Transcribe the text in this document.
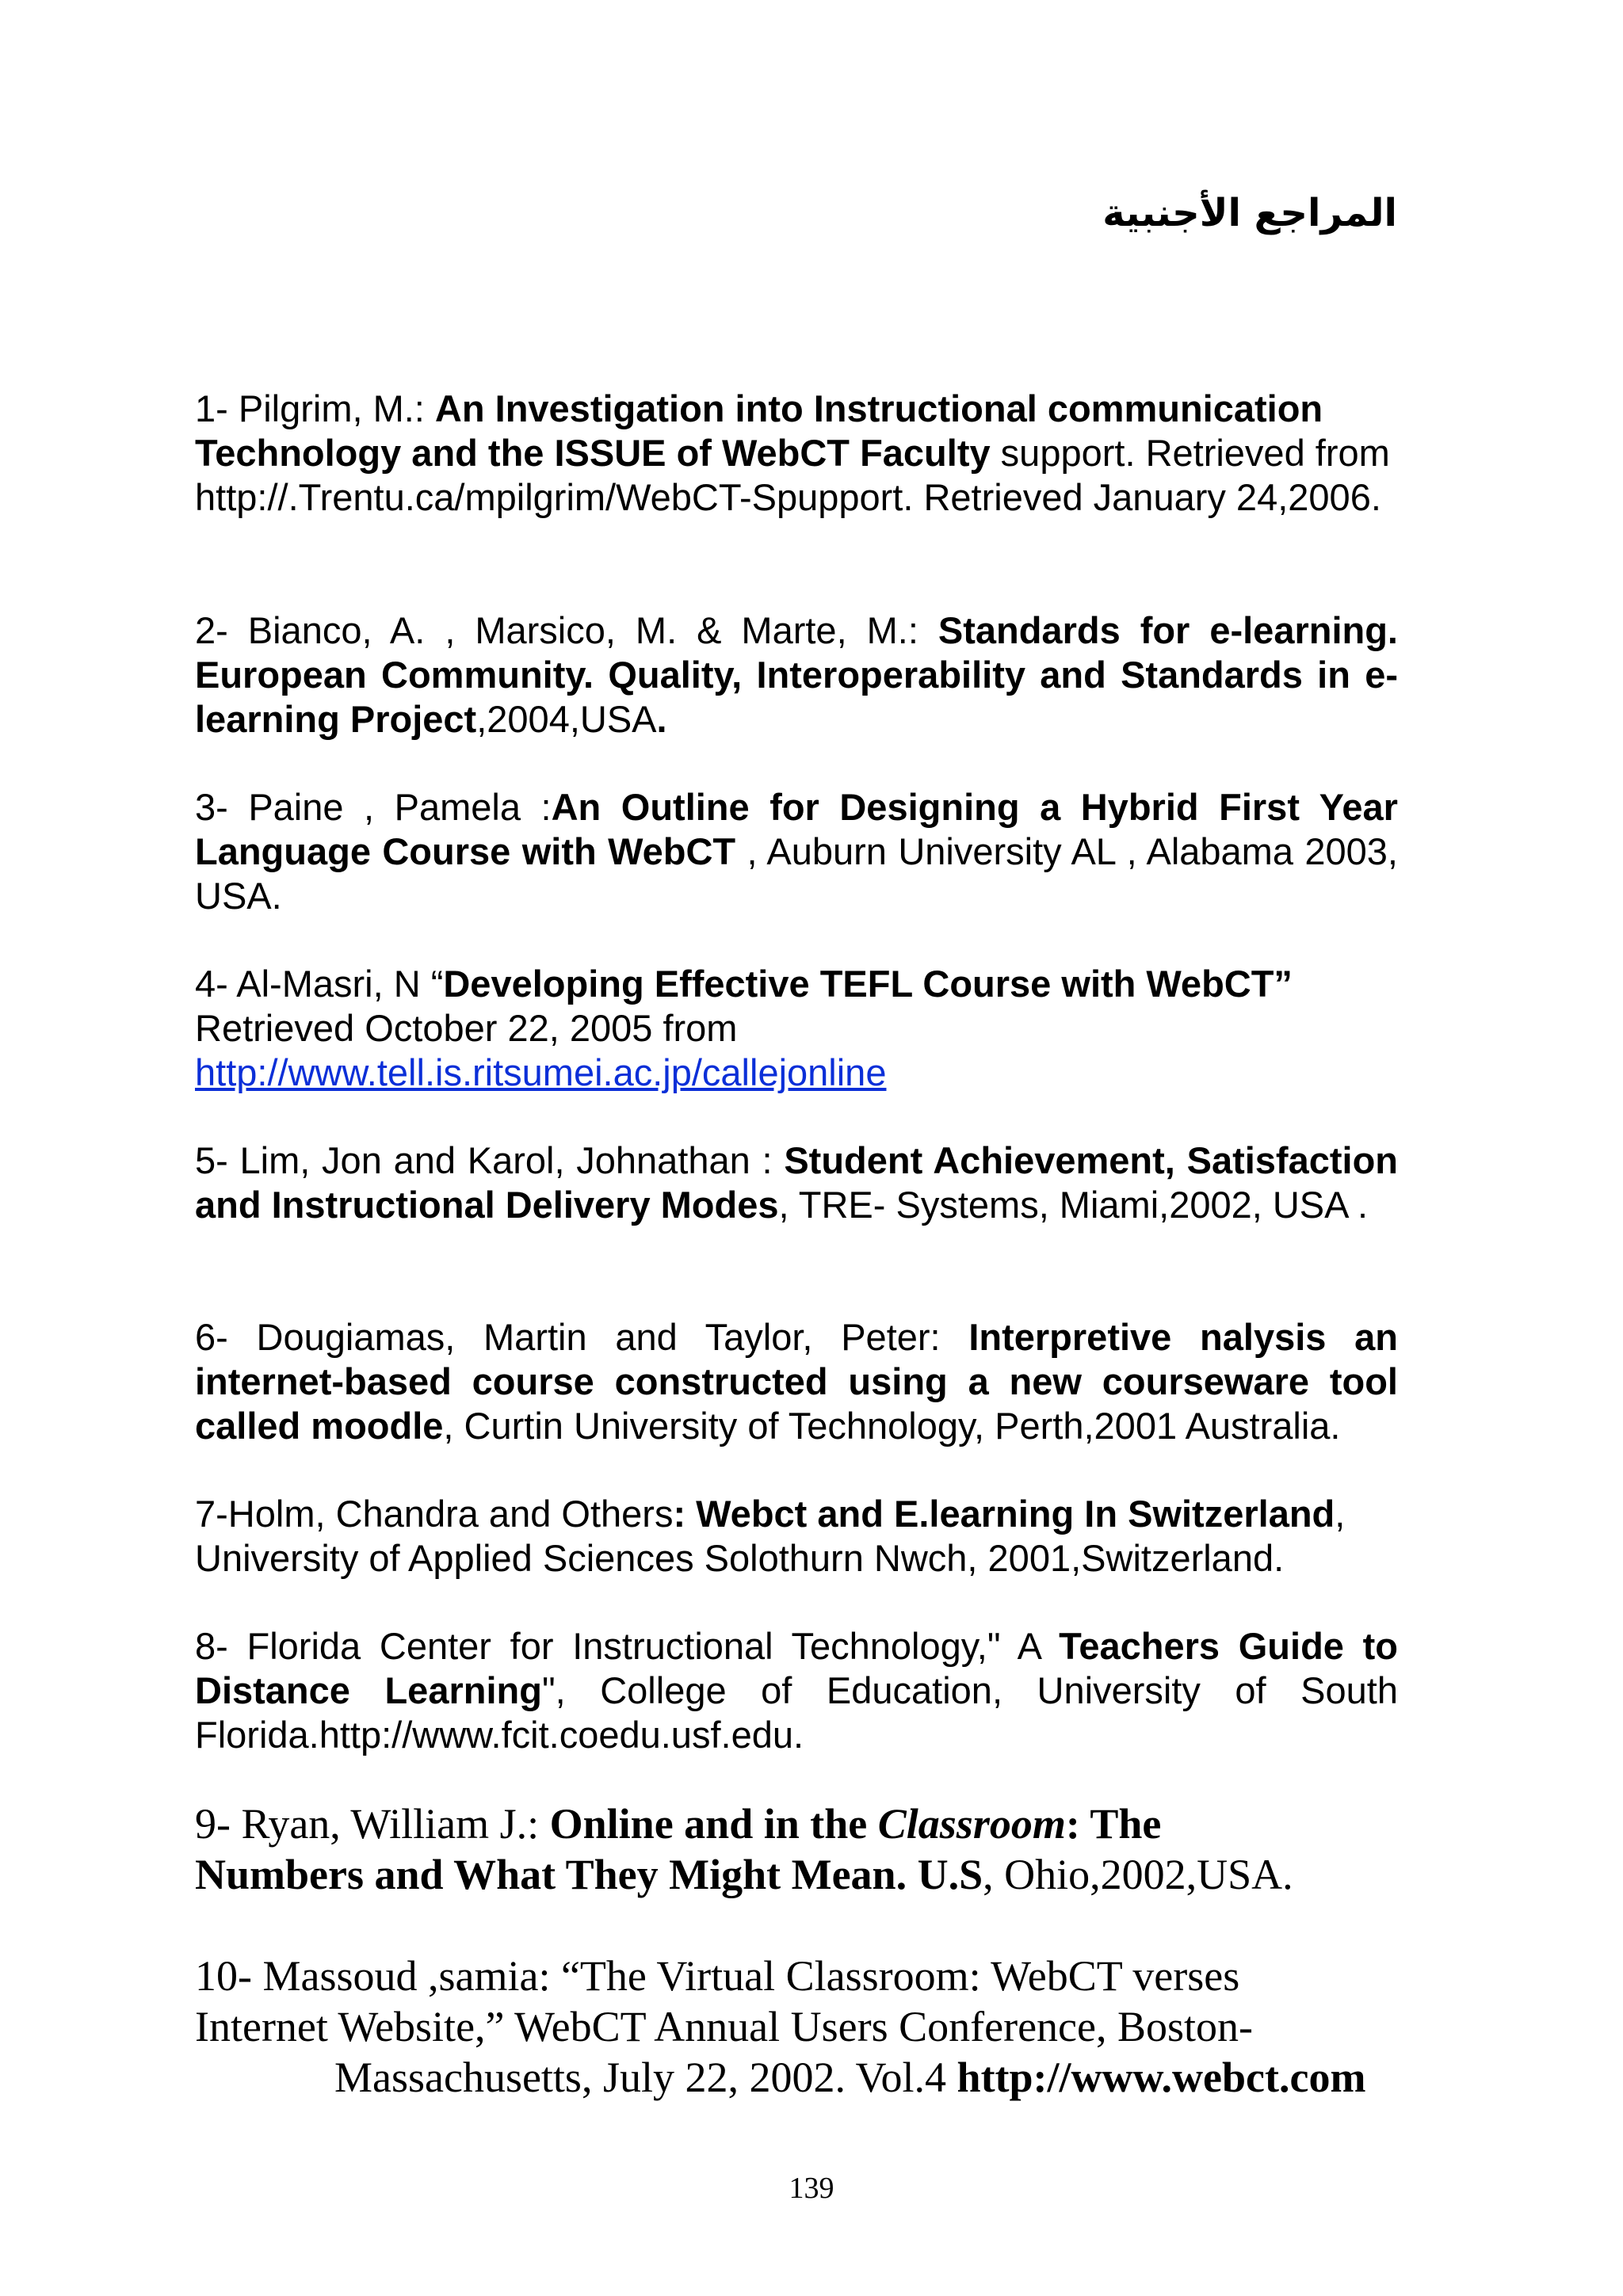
المراجع الأجنبية
1- Pilgrim, M.: An Investigation into Instructional communication Technology and the ISSUE of WebCT Faculty support. Retrieved from http://.Trentu.ca/mpilgrim/WebCT-Spupport. Retrieved January 24,2006.
2- Bianco, A. , Marsico, M. & Marte, M.: Standards for e-learning. European Community. Quality, Interoperability and Standards in e-learning Project,2004,USA.
3- Paine , Pamela :An Outline for Designing a Hybrid First Year Language Course with WebCT , Auburn University AL , Alabama 2003, USA.
4- Al-Masri, N “Developing Effective TEFL Course with WebCT”
Retrieved October 22, 2005 from
http://www.tell.is.ritsumei.ac.jp/callejonline
5- Lim, Jon and Karol, Johnathan : Student Achievement, Satisfaction and Instructional Delivery Modes, TRE- Systems, Miami,2002, USA .
6- Dougiamas, Martin and Taylor, Peter: Interpretive nalysis an internet-based course constructed using a new courseware tool called moodle, Curtin University of Technology, Perth,2001 Australia.
7-Holm, Chandra and Others: Webct and E.learning In Switzerland, University of Applied Sciences Solothurn Nwch, 2001,Switzerland.
8- Florida Center for Instructional Technology," A Teachers Guide to Distance Learning", College of Education, University of South Florida.http://www.fcit.coedu.usf.edu.
9- Ryan, William J.: Online and in the Classroom: The Numbers and What They Might Mean. U.S, Ohio,2002,USA.
10- Massoud ,samia: “The Virtual Classroom: WebCT verses Internet Website,” WebCT Annual Users Conference, Boston-
Massachusetts, July 22, 2002. Vol.4 http://www.webct.com
139
